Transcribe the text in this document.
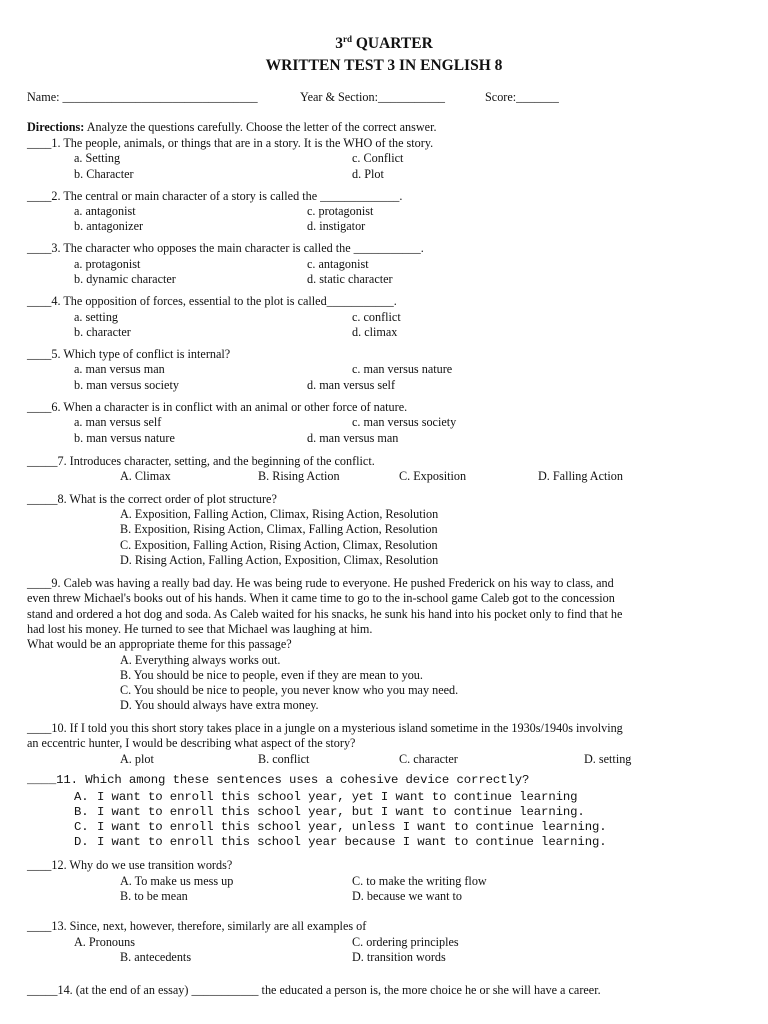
3rd QUARTER
WRITTEN TEST 3 IN ENGLISH 8
Name: ________________________________	Year & Section:___________	Score:_______
Directions: Analyze the questions carefully. Choose the letter of the correct answer.
____1. The people, animals, or things that are in a story. It is the WHO of the story.
a. Setting	c. Conflict
b. Character	d. Plot
____2. The central or main character of a story is called the _____________.
a. antagonist	c. protagonist
b. antagonizer	d. instigator
____3. The character who opposes the main character is called the ___________.
a. protagonist	c. antagonist
b. dynamic character	d. static character
____4. The opposition of forces, essential to the plot is called___________.
a. setting	c. conflict
b. character	d. climax
____5. Which type of conflict is internal?
a. man versus man	c. man versus nature
b. man versus society	d. man versus self
____6. When a character is in conflict with an animal or other force of nature.
a. man versus self	c. man versus society
b. man versus nature	d. man versus man
_____7. Introduces character, setting, and the beginning of the conflict.
A. Climax	B. Rising Action	C. Exposition	D. Falling Action
_____8. What is the correct order of plot structure?
A. Exposition, Falling Action, Climax, Rising Action, Resolution
B. Exposition, Rising Action, Climax, Falling Action, Resolution
C. Exposition, Falling Action, Rising Action, Climax, Resolution
D. Rising Action, Falling Action, Exposition, Climax, Resolution
____9. Caleb was having a really bad day. He was being rude to everyone. He pushed Frederick on his way to class, and
even threw Michael's books out of his hands. When it came time to go to the in-school game Caleb got to the concession
stand and ordered a hot dog and soda. As Caleb waited for his snacks, he sunk his hand into his pocket only to find that he
had lost his money. He turned to see that Michael was laughing at him.
What would be an appropriate theme for this passage?
A. Everything always works out.
B. You should be nice to people, even if they are mean to you.
C. You should be nice to people, you never know who you may need.
D. You should always have extra money.
____10. If I told you this short story takes place in a jungle on a mysterious island sometime in the 1930s/1940s involving
an eccentric hunter, I would be describing what aspect of the story?
A. plot	B. conflict	C. character	D. setting
____11. Which among these sentences uses a cohesive device correctly?
A. I want to enroll this school year, yet I want to continue learning
B. I want to enroll this school year, but I want to continue learning.
C. I want to enroll this school year, unless I want to continue learning.
D. I want to enroll this school year because I want to continue learning.
____12. Why do we use transition words?
A. To make us mess up	C. to make the writing flow
B. to be mean	D. because we want to
____13. Since, next, however, therefore, similarly are all examples of
A. Pronouns	C. ordering principles
B. antecedents	D. transition words
_____14. (at the end of an essay) ___________ the educated a person is, the more choice he or she will have a career.
